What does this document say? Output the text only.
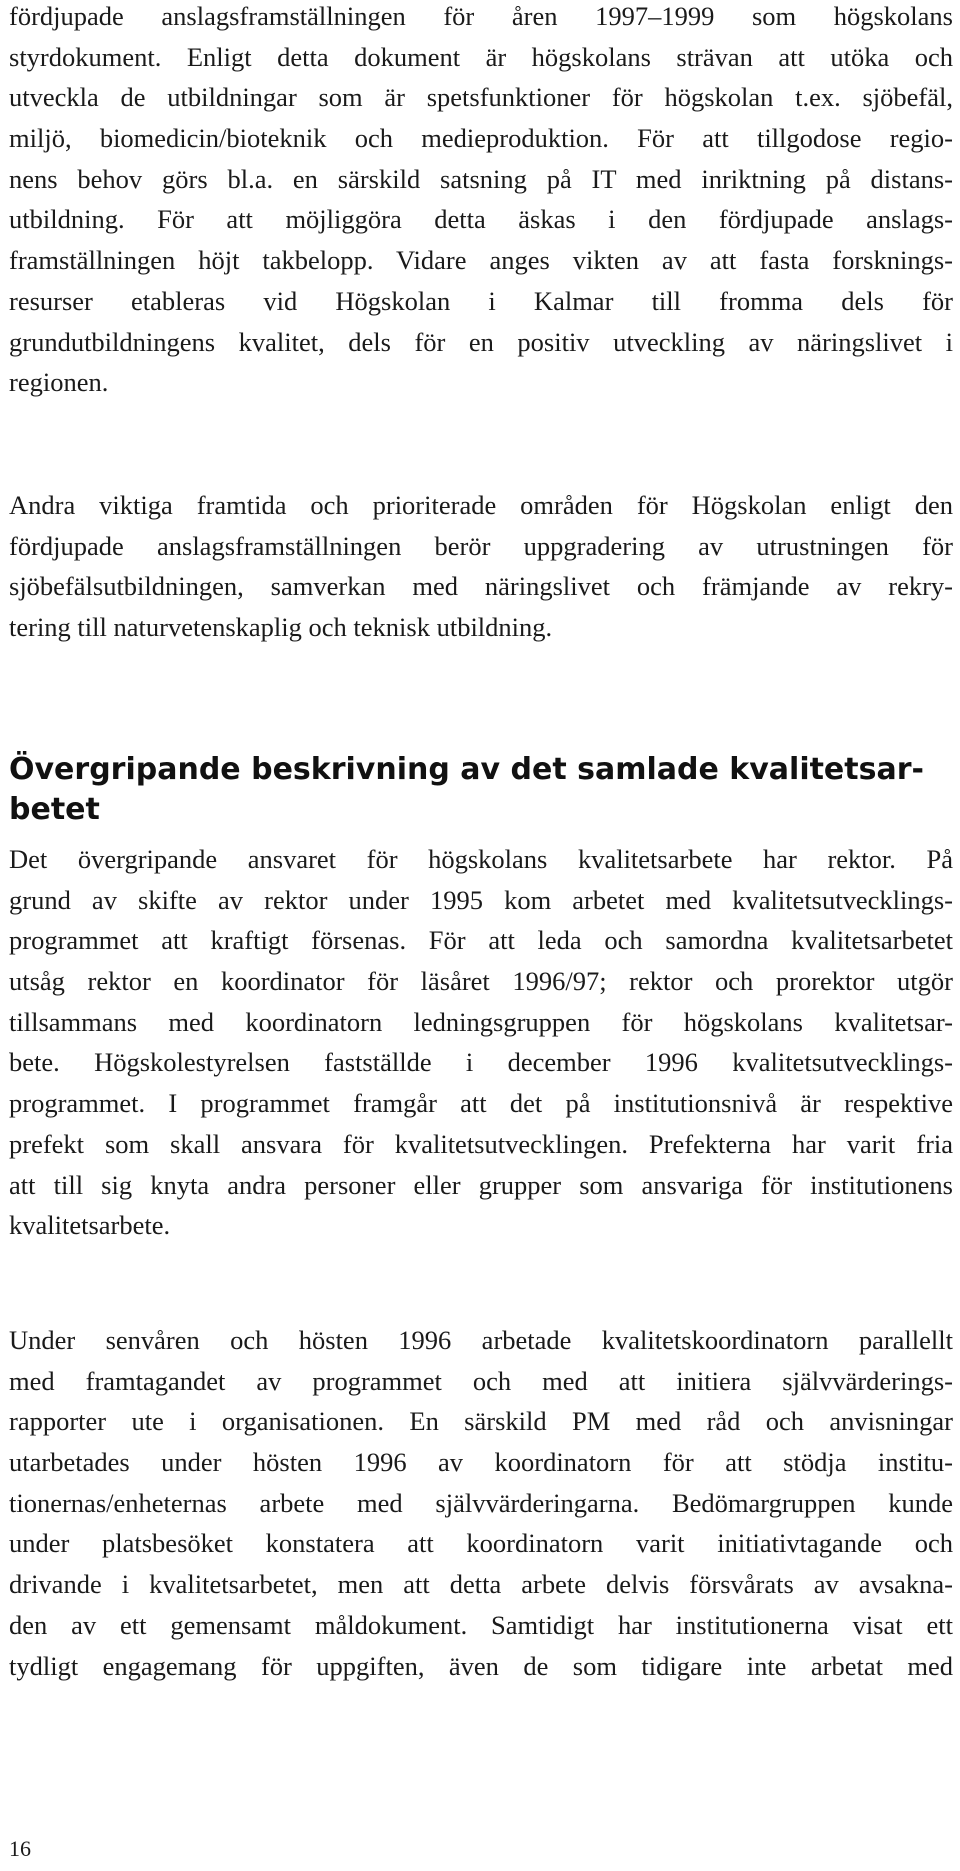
fördjupade anslagsframställningen för åren 1997–1999 som högskolans
styrdokument. Enligt detta dokument är högskolans strävan att utöka och
utveckla de utbildningar som är spetsfunktioner för högskolan t.ex. sjöbefäl,
miljö, biomedicin/bioteknik och medieproduktion. För att tillgodose regio-
nens behov görs bl.a. en särskild satsning på IT med inriktning på distans-
utbildning. För att möjliggöra detta äskas i den fördjupade anslags-
framställningen höjt takbelopp. Vidare anges vikten av att fasta forsknings-
resurser etableras vid Högskolan i Kalmar till fromma dels för
grundutbildningens kvalitet, dels för en positiv utveckling av näringslivet i
regionen.
Andra viktiga framtida och prioriterade områden för Högskolan enligt den
fördjupade anslagsframställningen berör uppgradering av utrustningen för
sjöbefälsutbildningen, samverkan med näringslivet och främjande av rekry-
tering till naturvetenskaplig och teknisk utbildning.
Övergripande beskrivning av det samlade kvalitetsar-
betet
Det övergripande ansvaret för högskolans kvalitetsarbete har rektor. På
grund av skifte av rektor under 1995 kom arbetet med kvalitetsutvecklings-
programmet att kraftigt försenas. För att leda och samordna kvalitetsarbetet
utsåg rektor en koordinator för läsåret 1996/97; rektor och prorektor utgör
tillsammans med koordinatorn ledningsgruppen för högskolans kvalitetsar-
bete. Högskolestyrelsen fastställde i december 1996 kvalitetsutvecklings-
programmet. I programmet framgår att det på institutionsnivå är respektive
prefekt som skall ansvara för kvalitetsutvecklingen. Prefekterna har varit fria
att till sig knyta andra personer eller grupper som ansvariga för institutionens
kvalitetsarbete.
Under senvåren och hösten 1996 arbetade kvalitetskoordinatorn parallellt
med framtagandet av programmet och med att initiera självvärderings-
rapporter ute i organisationen. En särskild PM med råd och anvisningar
utarbetades under hösten 1996 av koordinatorn för att stödja institu-
tionernas/enheternas arbete med självvärderingarna. Bedömargruppen kunde
under platsbesöket konstatera att koordinatorn varit initiativtagande och
drivande i kvalitetsarbetet, men att detta arbete delvis försvårats av avsakna-
den av ett gemensamt måldokument. Samtidigt har institutionerna visat ett
tydligt engagemang för uppgiften, även de som tidigare inte arbetat med
16
